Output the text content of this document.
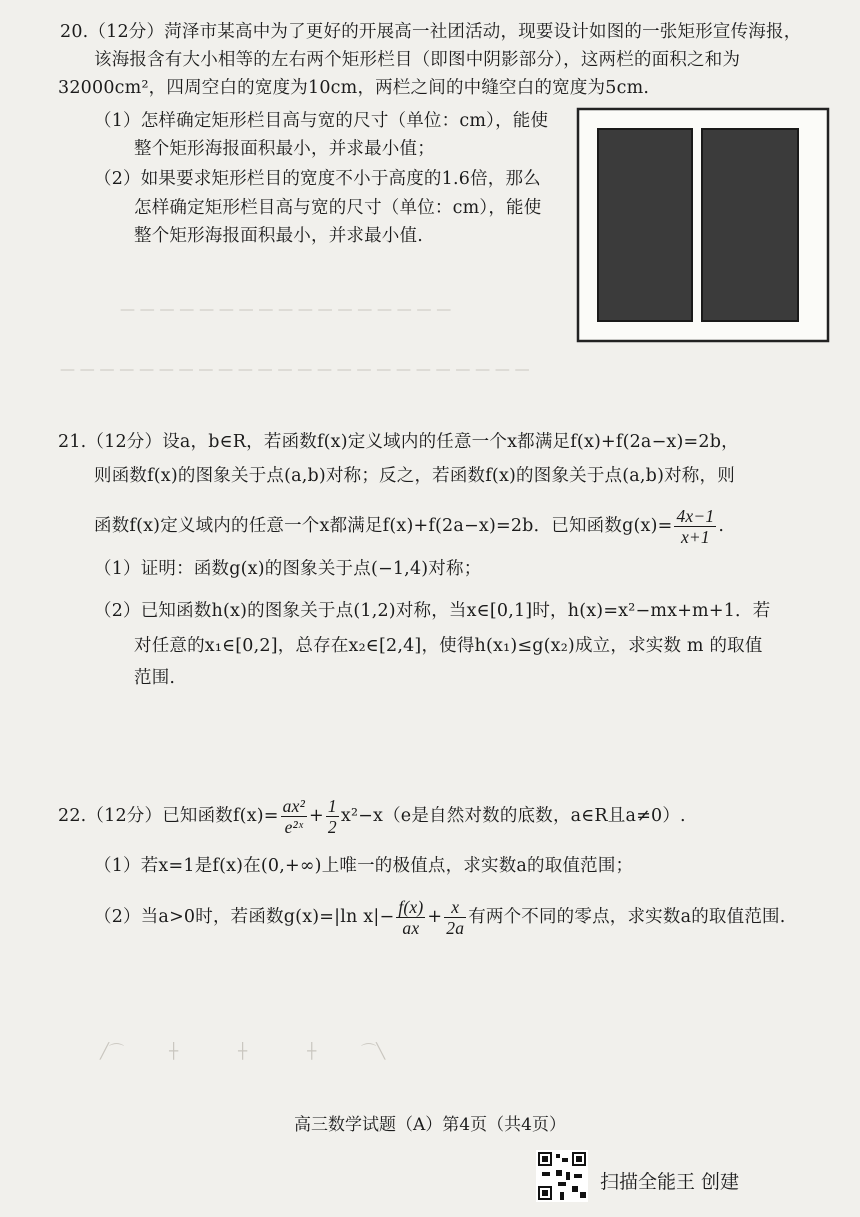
— — — — — — — — — — — — — — — — —
— — — — — — — — — — — — — — — — — — — — — — — —
╱⌒　　　┼　　　　┼　　　　┼　　　⌒╲
20.（12分）菏泽市某高中为了更好的开展高一社团活动，现要设计如图的一张矩形宣传海报，
该海报含有大小相等的左右两个矩形栏目（即图中阴影部分），这两栏的面积之和为
32000cm²，四周空白的宽度为10cm，两栏之间的中缝空白的宽度为5cm.
（1）怎样确定矩形栏目高与宽的尺寸（单位：cm），能使
整个矩形海报面积最小，并求最小值；
（2）如果要求矩形栏目的宽度不小于高度的1.6倍，那么
怎样确定矩形栏目高与宽的尺寸（单位：cm），能使
整个矩形海报面积最小，并求最小值.
21.（12分）设a，b∈R，若函数f(x)定义域内的任意一个x都满足f(x)+f(2a−x)=2b，
则函数f(x)的图象关于点(a,b)对称；反之，若函数f(x)的图象关于点(a,b)对称，则
函数f(x)定义域内的任意一个x都满足f(x)+f(2a−x)=2b．已知函数$g(x)= \frac{4x-1}{x+1}$ .
（1）证明：函数g(x)的图象关于点(−1,4)对称；
（2）已知函数h(x)的图象关于点(1,2)对称，当x∈[0,1]时，h(x)=x²−mx+m+1．若
对任意的x₁∈[0,2]，总存在x₂∈[2,4]，使得h(x₁)≤g(x₂)成立，求实数 m 的取值
范围.
22.（12分）已知函数$f(x)= \frac{\text{ax²}}{\text{e²ˣ}} + \frac{1}{2} x^2-x(e$是自然对数的底数，a∈R且a≠0）.
（1）若x=1是f(x)在(0,+∞)上唯一的极值点，求实数a的取值范围；
（2）当a>0时，若函数g(x)=|ln $x|- \frac{f(x)}{ax} + \frac{x}{2a}$ 有两个不同的零点，求实数a的取值范围.
高三数学试题（A）第4页（共4页）
扫描全能王 创建
